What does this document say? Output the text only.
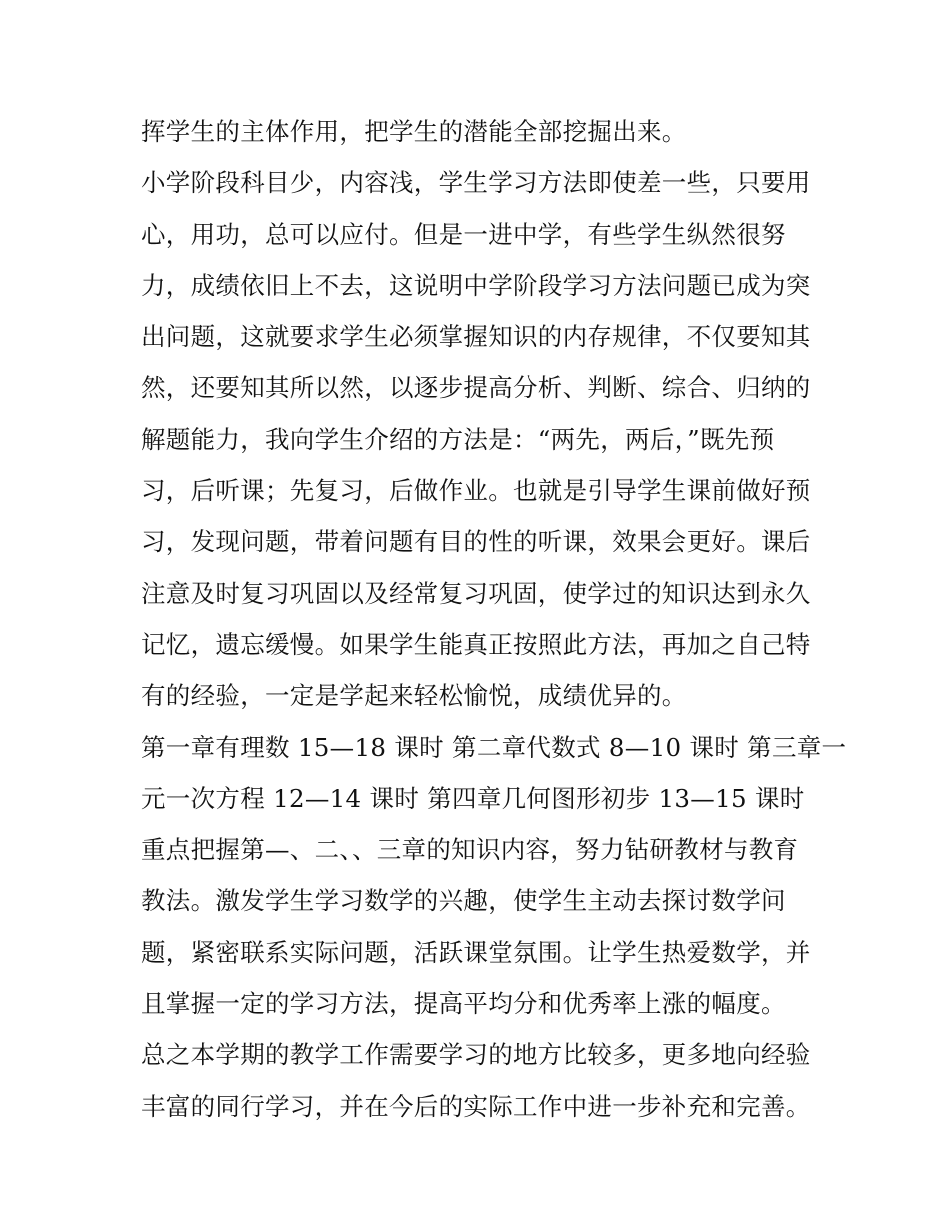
挥学生的主体作用，把学生的潜能全部挖掘出来。
小学阶段科目少，内容浅，学生学习方法即使差一些，只要用
心，用功，总可以应付。但是一进中学，有些学生纵然很努
力，成绩依旧上不去，这说明中学阶段学习方法问题已成为突
出问题，这就要求学生必须掌握知识的内存规律，不仅要知其
然，还要知其所以然，以逐步提高分析、判断、综合、归纳的
解题能力，我向学生介绍的方法是：“两先，两后，”既先预
习，后听课；先复习，后做作业。也就是引导学生课前做好预
习，发现问题，带着问题有目的性的听课，效果会更好。课后
注意及时复习巩固以及经常复习巩固，使学过的知识达到永久
记忆，遗忘缓慢。如果学生能真正按照此方法，再加之自己特
有的经验，一定是学起来轻松愉悦，成绩优异的。
第一章有理数 15—18 课时 第二章代数式 8—10 课时 第三章一
元一次方程 12—14 课时 第四章几何图形初步 13—15 课时
重点把握第—、二、、三章的知识内容，努力钻研教材与教育
教法。激发学生学习数学的兴趣，使学生主动去探讨数学问
题，紧密联系实际问题，活跃课堂氛围。让学生热爱数学，并
且掌握一定的学习方法，提高平均分和优秀率上涨的幅度。
总之本学期的教学工作需要学习的地方比较多，更多地向经验
丰富的同行学习，并在今后的实际工作中进一步补充和完善。
